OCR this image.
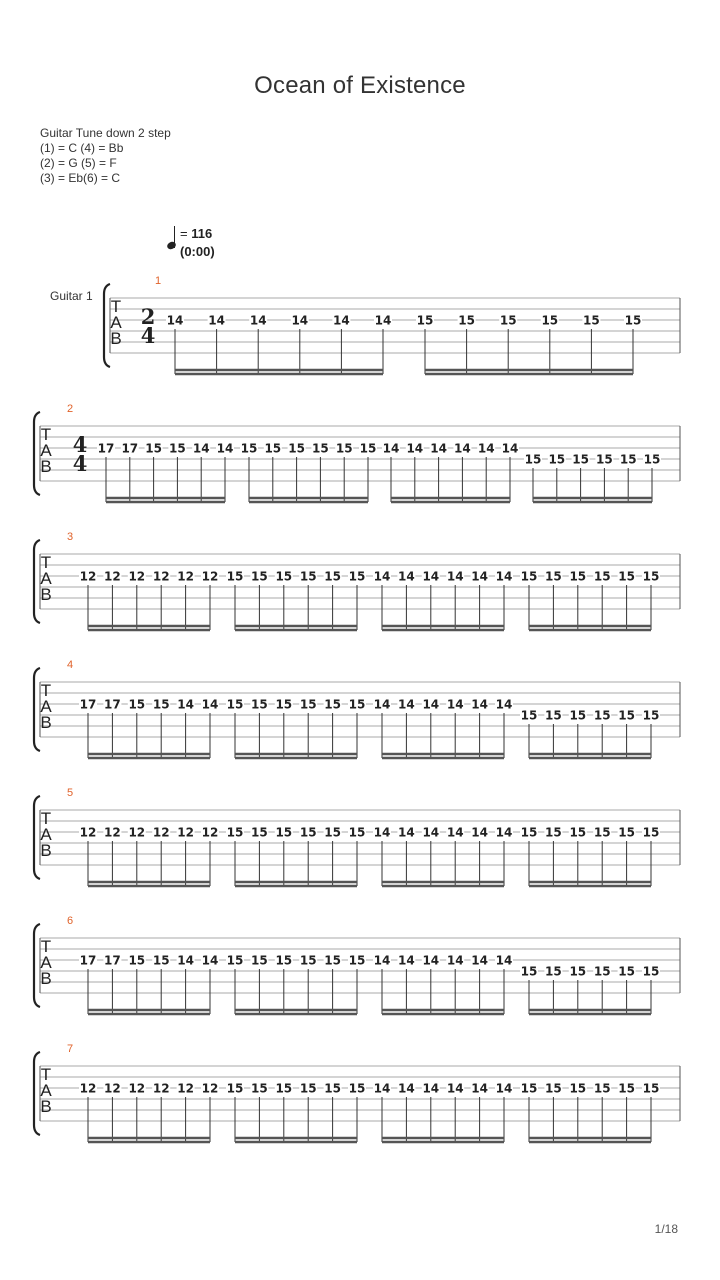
Ocean of Existence
Guitar Tune down 2 step
(1) = C (4) = Bb
(2) = G (5) = F
(3) = Eb(6) = C
= 116
(0:00)
T
A
B
Guitar 1
1
2
4
14 14 14 14 14 14 15 15 15 15 15 15
T
A
B
2
4
4
17 17 15 15 14 14 15 15 15 15 15 15 14 14 14 14 14 14
15 15 15 15 15 15
T
A
B
3
12 12 12 12 12 12 15 15 15 15 15 15 14 14 14 14 14 14 15 15 15 15 15 15
T
A
B
4
17 17 15 15 14 14 15 15 15 15 15 15 14 14 14 14 14 14
15 15 15 15 15 15
T
A
B
5
12 12 12 12 12 12 15 15 15 15 15 15 14 14 14 14 14 14 15 15 15 15 15 15
T
A
B
6
17 17 15 15 14 14 15 15 15 15 15 15 14 14 14 14 14 14
15 15 15 15 15 15
T
A
B
7
12 12 12 12 12 12 15 15 15 15 15 15 14 14 14 14 14 14 15 15 15 15 15 15
1/18
